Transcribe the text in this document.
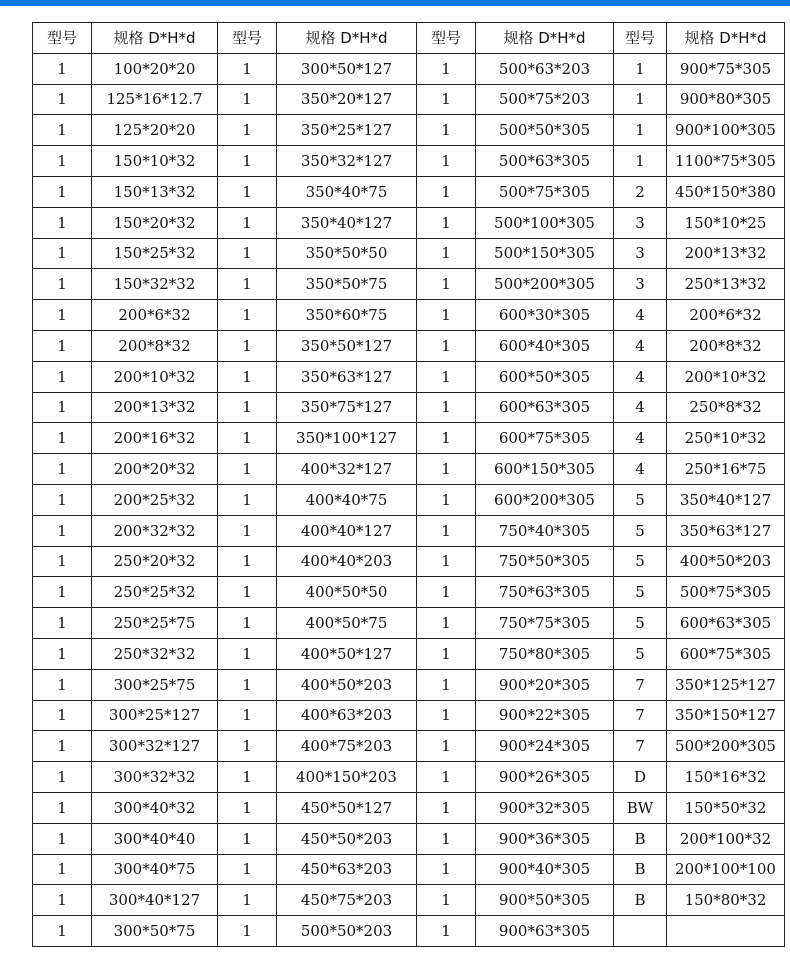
型号	规格 D*H*d	型号	规格 D*H*d	型号	规格 D*H*d	型号	规格 D*H*d
1	100*20*20	1	300*50*127	1	500*63*203	1	900*75*305
1	125*16*12.7	1	350*20*127	1	500*75*203	1	900*80*305
1	125*20*20	1	350*25*127	1	500*50*305	1	900*100*305
1	150*10*32	1	350*32*127	1	500*63*305	1	1100*75*305
1	150*13*32	1	350*40*75	1	500*75*305	2	450*150*380
1	150*20*32	1	350*40*127	1	500*100*305	3	150*10*25
1	150*25*32	1	350*50*50	1	500*150*305	3	200*13*32
1	150*32*32	1	350*50*75	1	500*200*305	3	250*13*32
1	200*6*32	1	350*60*75	1	600*30*305	4	200*6*32
1	200*8*32	1	350*50*127	1	600*40*305	4	200*8*32
1	200*10*32	1	350*63*127	1	600*50*305	4	200*10*32
1	200*13*32	1	350*75*127	1	600*63*305	4	250*8*32
1	200*16*32	1	350*100*127	1	600*75*305	4	250*10*32
1	200*20*32	1	400*32*127	1	600*150*305	4	250*16*75
1	200*25*32	1	400*40*75	1	600*200*305	5	350*40*127
1	200*32*32	1	400*40*127	1	750*40*305	5	350*63*127
1	250*20*32	1	400*40*203	1	750*50*305	5	400*50*203
1	250*25*32	1	400*50*50	1	750*63*305	5	500*75*305
1	250*25*75	1	400*50*75	1	750*75*305	5	600*63*305
1	250*32*32	1	400*50*127	1	750*80*305	5	600*75*305
1	300*25*75	1	400*50*203	1	900*20*305	7	350*125*127
1	300*25*127	1	400*63*203	1	900*22*305	7	350*150*127
1	300*32*127	1	400*75*203	1	900*24*305	7	500*200*305
1	300*32*32	1	400*150*203	1	900*26*305	D	150*16*32
1	300*40*32	1	450*50*127	1	900*32*305	BW	150*50*32
1	300*40*40	1	450*50*203	1	900*36*305	B	200*100*32
1	300*40*75	1	450*63*203	1	900*40*305	B	200*100*100
1	300*40*127	1	450*75*203	1	900*50*305	B	150*80*32
1	300*50*75	1	500*50*203	1	900*63*305		
